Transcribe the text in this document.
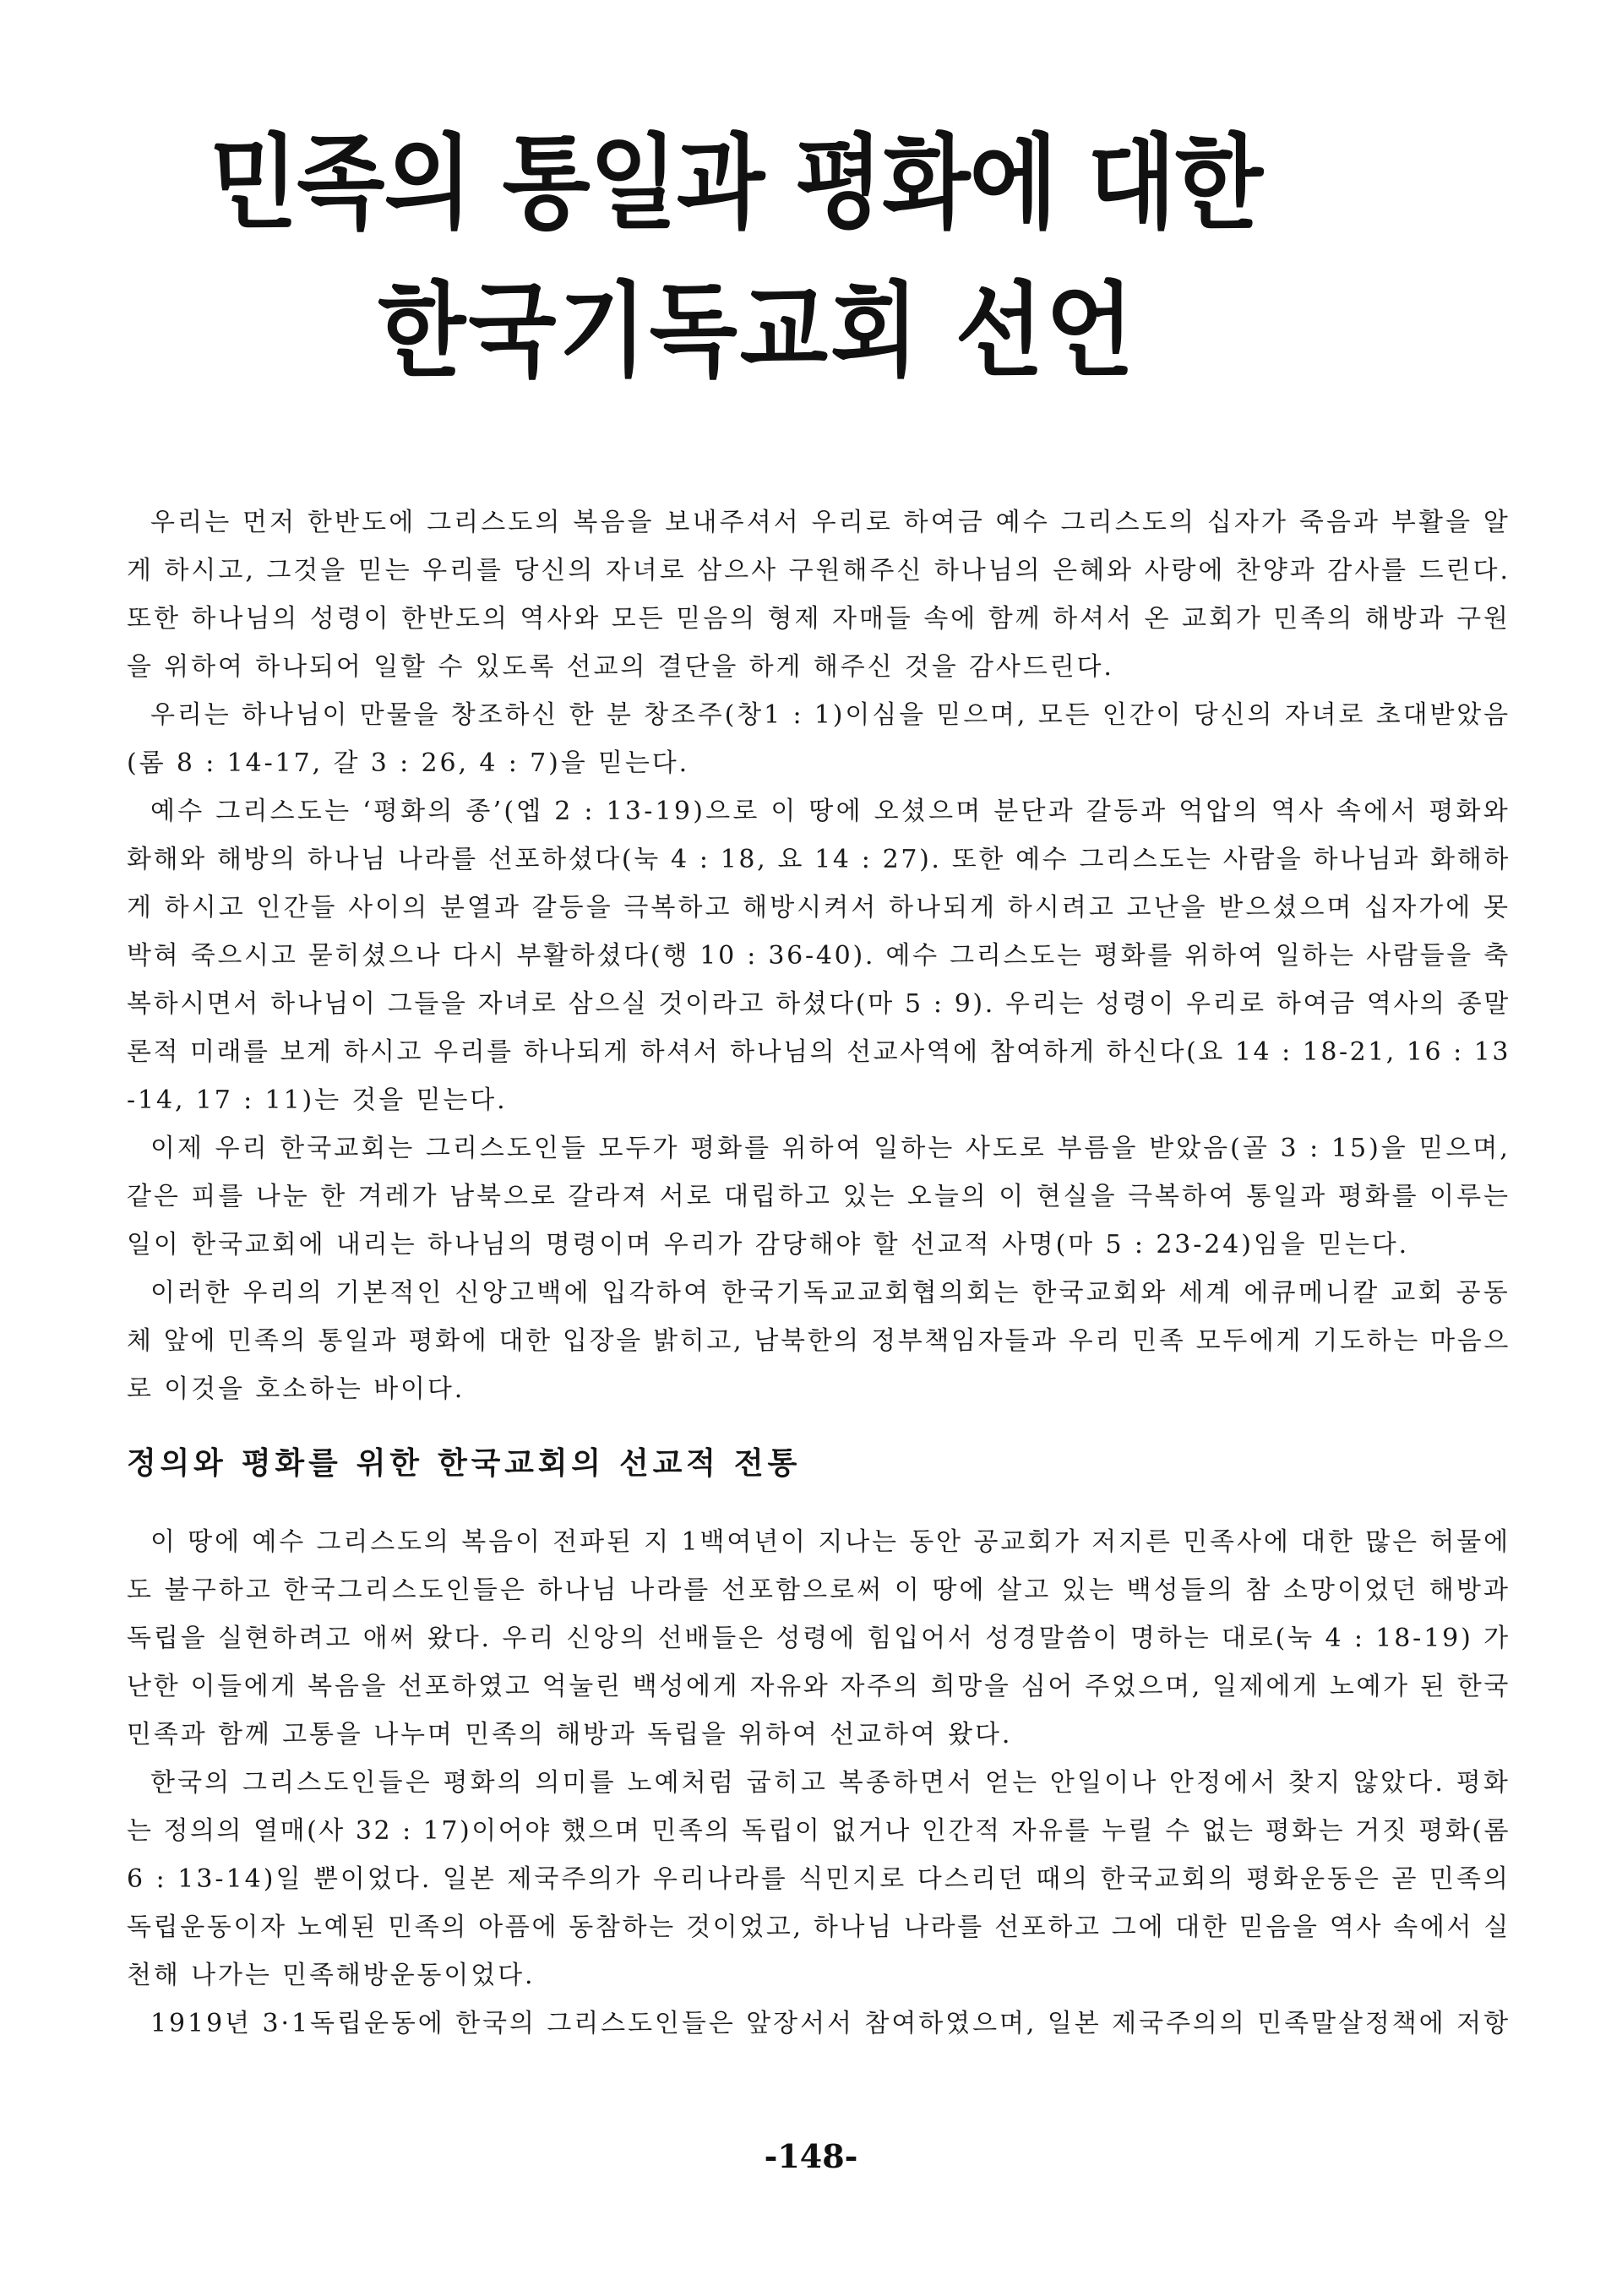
민족의 통일과 평화에 대한
한국기독교회 선언
우리는 먼저 한반도에 그리스도의 복음을 보내주셔서 우리로 하여금 예수 그리스도의 십자가 죽음과 부활을 알
게 하시고, 그것을 믿는 우리를 당신의 자녀로 삼으사 구원해주신 하나님의 은혜와 사랑에 찬양과 감사를 드린다.
또한 하나님의 성령이 한반도의 역사와 모든 믿음의 형제 자매들 속에 함께 하셔서 온 교회가 민족의 해방과 구원
을 위하여 하나되어 일할 수 있도록 선교의 결단을 하게 해주신 것을 감사드린다.
우리는 하나님이 만물을 창조하신 한 분 창조주(창1 : 1)이심을 믿으며, 모든 인간이 당신의 자녀로 초대받았음
(롬 8 : 14-17, 갈 3 : 26, 4 : 7)을 믿는다.
예수 그리스도는 ‘평화의 종’(엡 2 : 13-19)으로 이 땅에 오셨으며 분단과 갈등과 억압의 역사 속에서 평화와
화해와 해방의 하나님 나라를 선포하셨다(눅 4 : 18, 요 14 : 27). 또한 예수 그리스도는 사람을 하나님과 화해하
게 하시고 인간들 사이의 분열과 갈등을 극복하고 해방시켜서 하나되게 하시려고 고난을 받으셨으며 십자가에 못
박혀 죽으시고 묻히셨으나 다시 부활하셨다(행 10 : 36-40). 예수 그리스도는 평화를 위하여 일하는 사람들을 축
복하시면서 하나님이 그들을 자녀로 삼으실 것이라고 하셨다(마 5 : 9). 우리는 성령이 우리로 하여금 역사의 종말
론적 미래를 보게 하시고 우리를 하나되게 하셔서 하나님의 선교사역에 참여하게 하신다(요 14 : 18-21, 16 : 13
-14, 17 : 11)는 것을 믿는다.
이제 우리 한국교회는 그리스도인들 모두가 평화를 위하여 일하는 사도로 부름을 받았음(골 3 : 15)을 믿으며,
같은 피를 나눈 한 겨레가 남북으로 갈라져 서로 대립하고 있는 오늘의 이 현실을 극복하여 통일과 평화를 이루는
일이 한국교회에 내리는 하나님의 명령이며 우리가 감당해야 할 선교적 사명(마 5 : 23-24)임을 믿는다.
이러한 우리의 기본적인 신앙고백에 입각하여 한국기독교교회협의회는 한국교회와 세계 에큐메니칼 교회 공동
체 앞에 민족의 통일과 평화에 대한 입장을 밝히고, 남북한의 정부책임자들과 우리 민족 모두에게 기도하는 마음으
로 이것을 호소하는 바이다.
정의와 평화를 위한 한국교회의 선교적 전통
이 땅에 예수 그리스도의 복음이 전파된 지 1백여년이 지나는 동안 공교회가 저지른 민족사에 대한 많은 허물에
도 불구하고 한국그리스도인들은 하나님 나라를 선포함으로써 이 땅에 살고 있는 백성들의 참 소망이었던 해방과
독립을 실현하려고 애써 왔다. 우리 신앙의 선배들은 성령에 힘입어서 성경말씀이 명하는 대로(눅 4 : 18-19) 가
난한 이들에게 복음을 선포하였고 억눌린 백성에게 자유와 자주의 희망을 심어 주었으며, 일제에게 노예가 된 한국
민족과 함께 고통을 나누며 민족의 해방과 독립을 위하여 선교하여 왔다.
한국의 그리스도인들은 평화의 의미를 노예처럼 굽히고 복종하면서 얻는 안일이나 안정에서 찾지 않았다. 평화
는 정의의 열매(사 32 : 17)이어야 했으며 민족의 독립이 없거나 인간적 자유를 누릴 수 없는 평화는 거짓 평화(롬
6 : 13-14)일 뿐이었다. 일본 제국주의가 우리나라를 식민지로 다스리던 때의 한국교회의 평화운동은 곧 민족의
독립운동이자 노예된 민족의 아픔에 동참하는 것이었고, 하나님 나라를 선포하고 그에 대한 믿음을 역사 속에서 실
천해 나가는 민족해방운동이었다.
1919년 3·1독립운동에 한국의 그리스도인들은 앞장서서 참여하였으며, 일본 제국주의의 민족말살정책에 저항
-148-
